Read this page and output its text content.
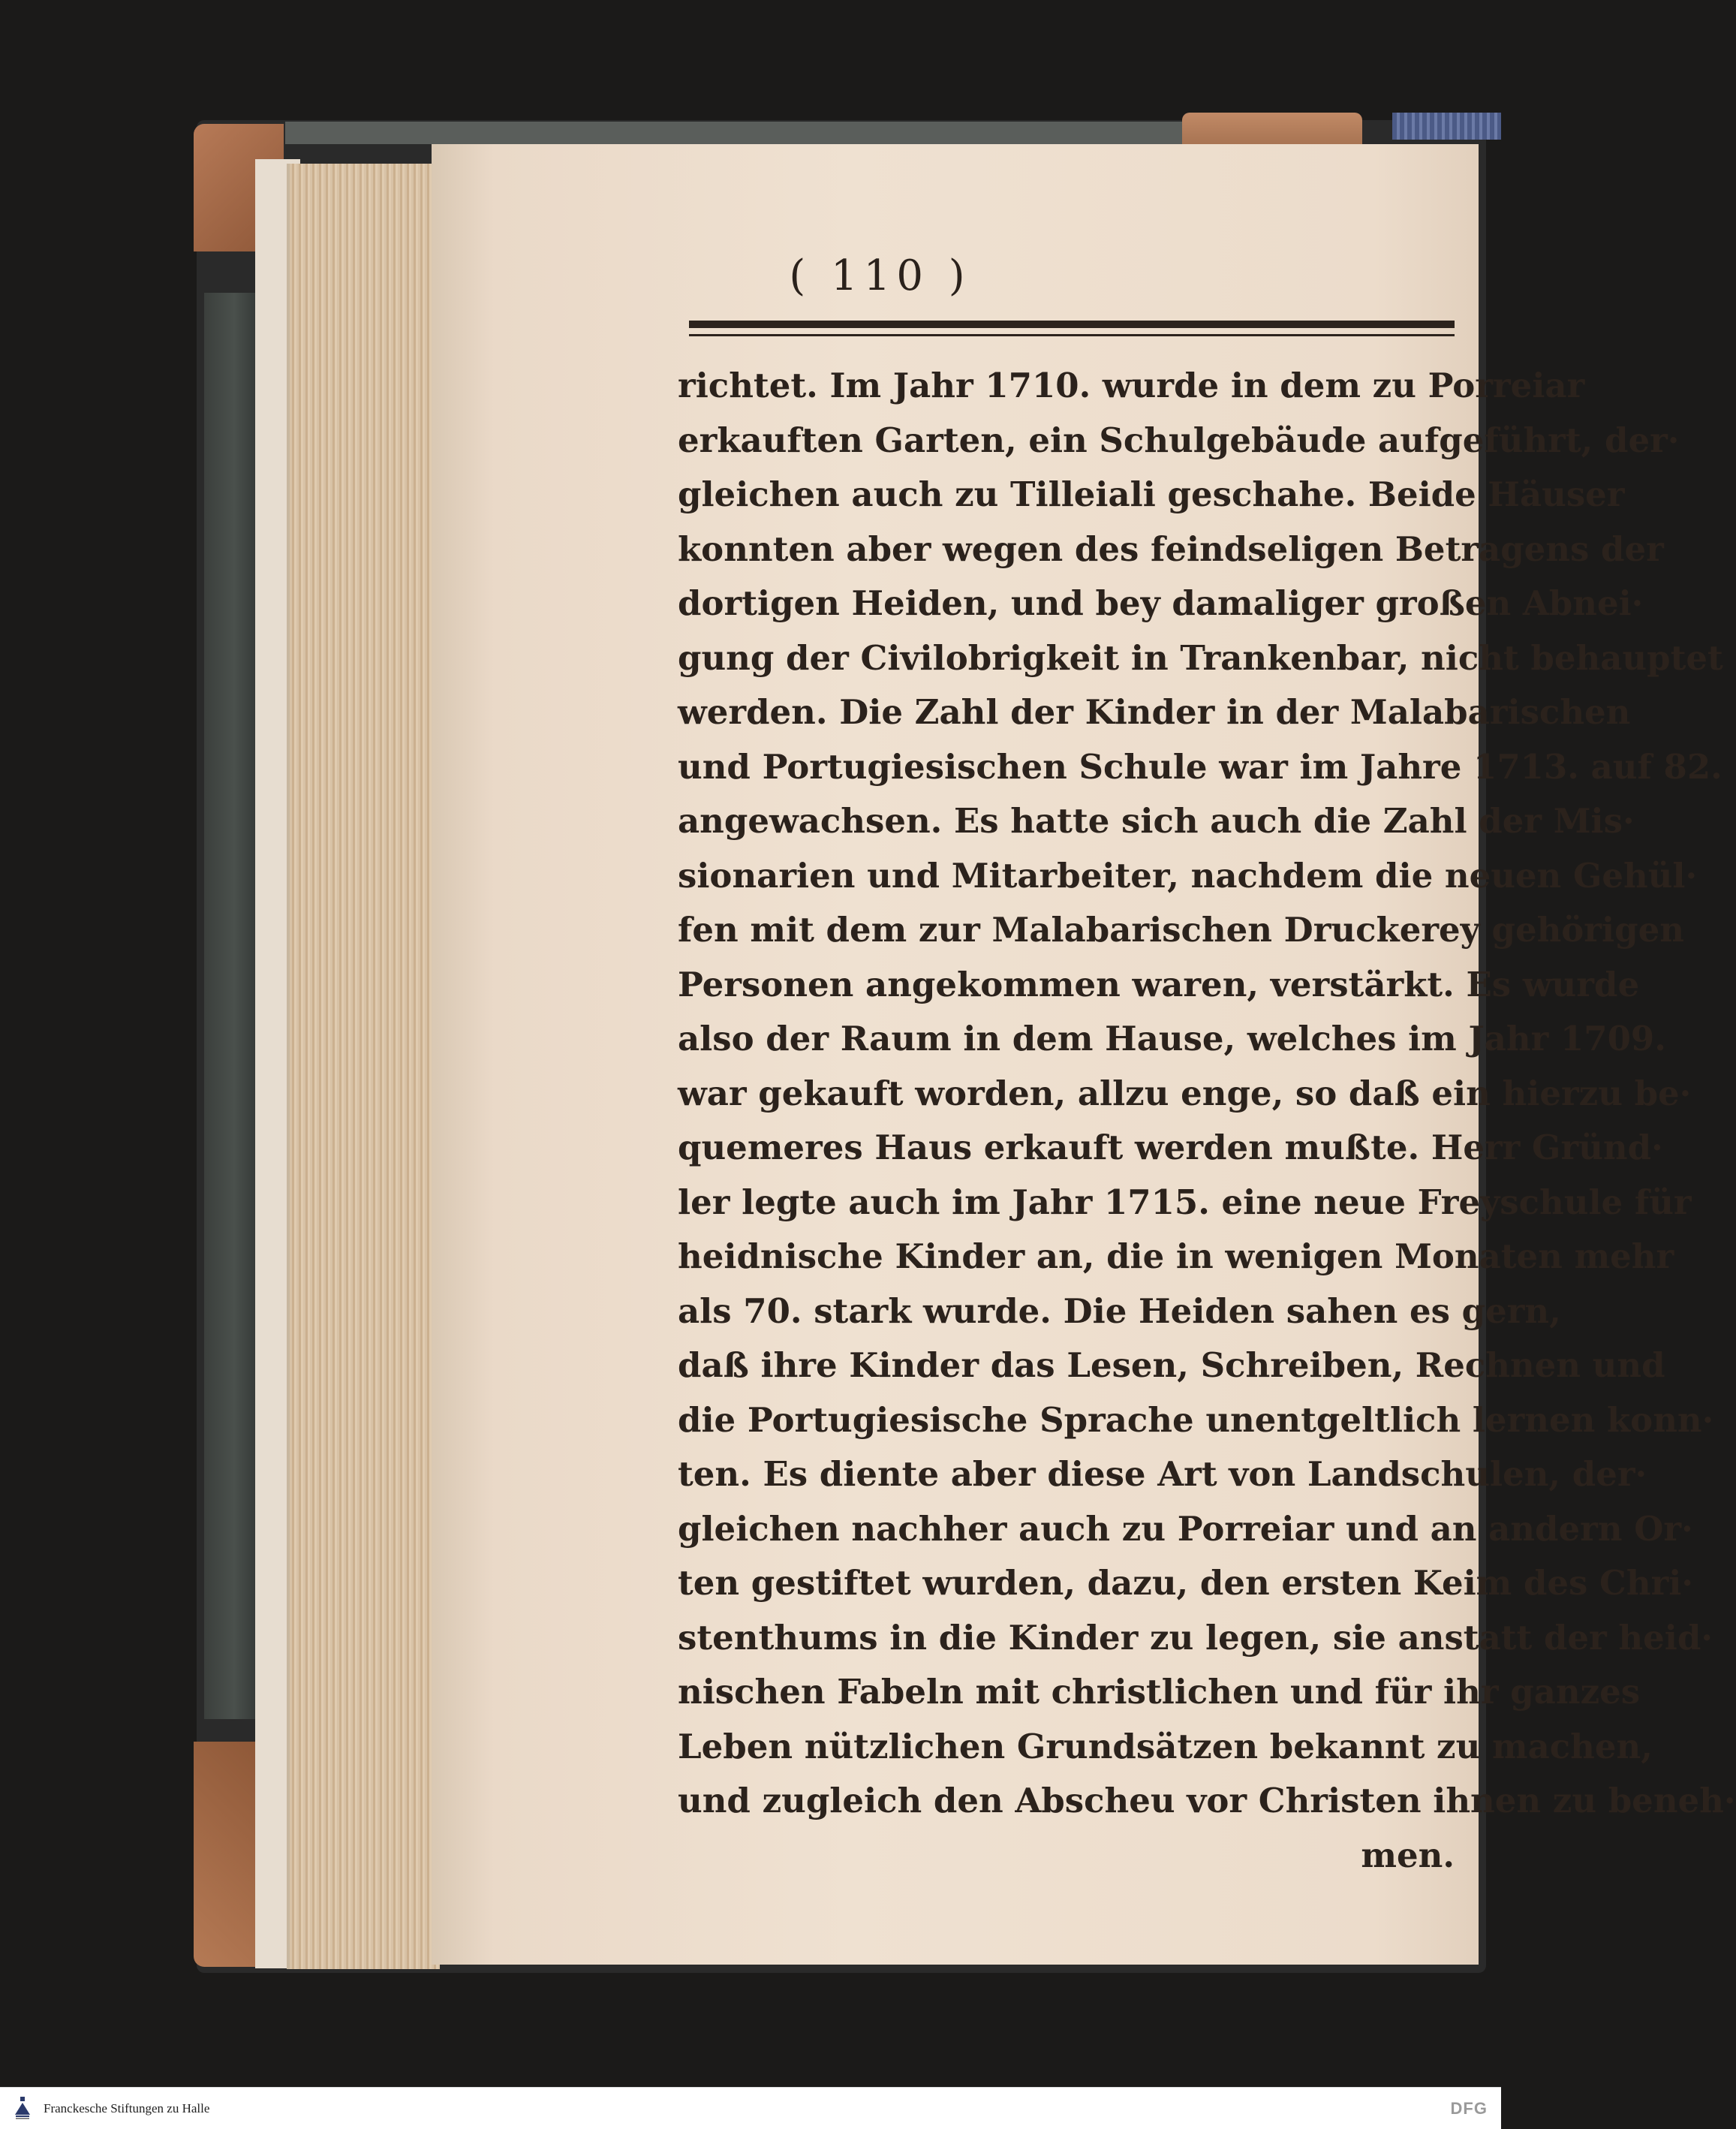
( 110 )
richtet. Im Jahr 1710. wurde in dem zu Porreiar
erkauften Garten, ein Schulgebäude aufgeführt, der·
gleichen auch zu Tilleiali geschahe. Beide Häuser
konnten aber wegen des feindseligen Betragens der
dortigen Heiden, und bey damaliger großen Abnei·
gung der Civilobrigkeit in Trankenbar, nicht behauptet
werden. Die Zahl der Kinder in der Malabarischen
und Portugiesischen Schule war im Jahre 1713. auf 82.
angewachsen. Es hatte sich auch die Zahl der Mis·
sionarien und Mitarbeiter, nachdem die neuen Gehül·
fen mit dem zur Malabarischen Druckerey gehörigen
Personen angekommen waren, verstärkt. Es wurde
also der Raum in dem Hause, welches im Jahr 1709.
war gekauft worden, allzu enge, so daß ein hierzu be·
quemeres Haus erkauft werden mußte. Herr Gründ·
ler legte auch im Jahr 1715. eine neue Freyschule für
heidnische Kinder an, die in wenigen Monaten mehr
als 70. stark wurde. Die Heiden sahen es gern,
daß ihre Kinder das Lesen, Schreiben, Rechnen und
die Portugiesische Sprache unentgeltlich lernen konn·
ten. Es diente aber diese Art von Landschulen, der·
gleichen nachher auch zu Porreiar und an andern Or·
ten gestiftet wurden, dazu, den ersten Keim des Chri·
stenthums in die Kinder zu legen, sie anstatt der heid·
nischen Fabeln mit christlichen und für ihr ganzes
Leben nützlichen Grundsätzen bekannt zu machen,
und zugleich den Abscheu vor Christen ihnen zu beneh·
men.
Franckesche Stiftungen zu Halle	DFG
